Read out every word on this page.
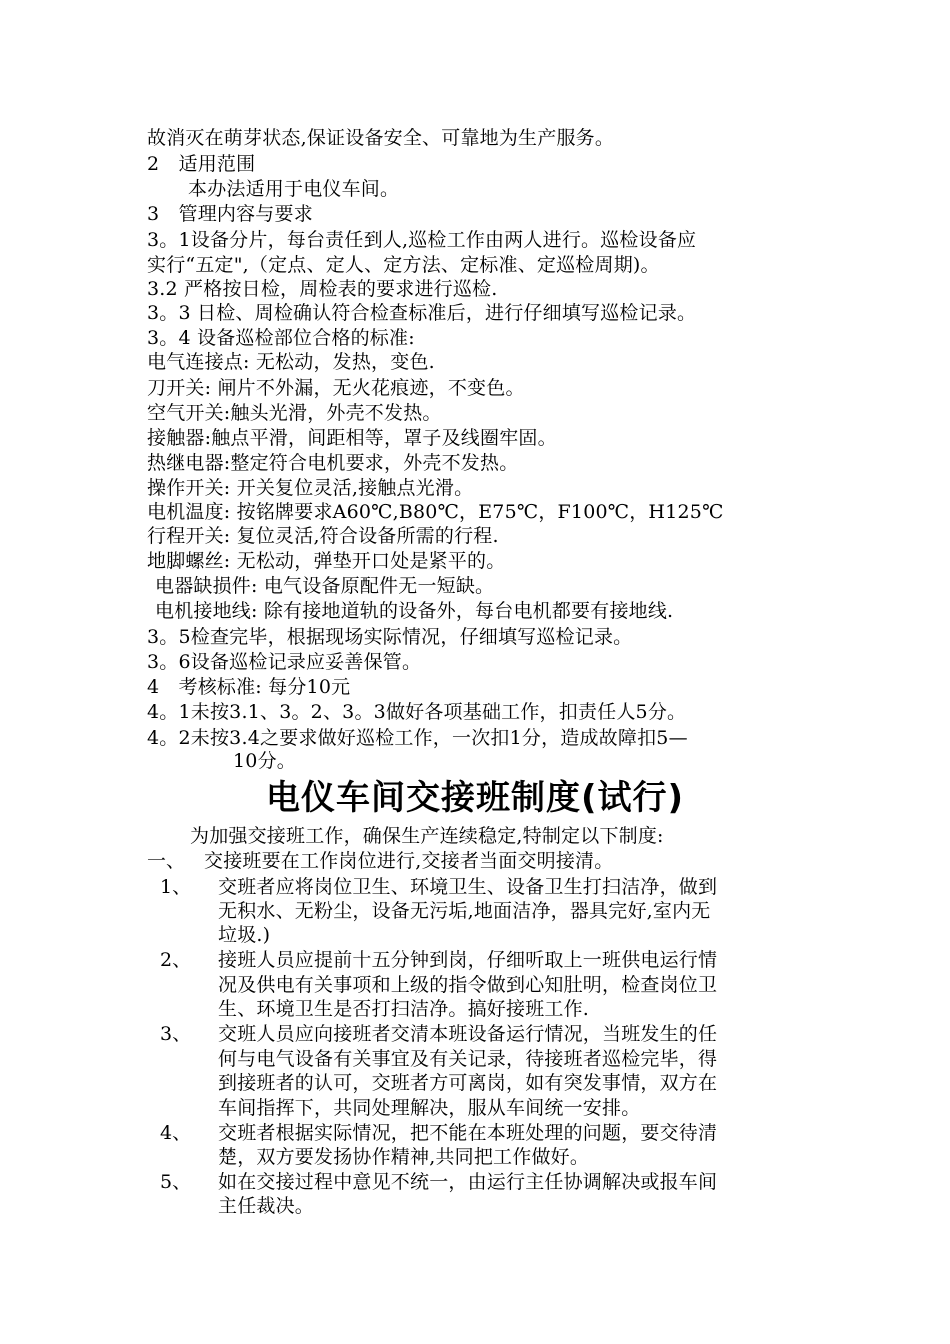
故消灭在萌芽状态,保证设备安全、可靠地为生产服务。
2　适用范围
本办法适用于电仪车间。
3　管理内容与要求
3。1设备分片，每台责任到人,巡检工作由两人进行。巡检设备应
实行“五定",（定点、定人、定方法、定标准、定巡检周期)。
3.2 严格按日检，周检表的要求进行巡检.
3。3 日检、周检确认符合检查标准后，进行仔细填写巡检记录。
3。4 设备巡检部位合格的标准:
电气连接点: 无松动，发热，变色.
刀开关: 闸片不外漏，无火花痕迹，不变色。
空气开关:触头光滑，外壳不发热。
接触器:触点平滑，间距相等，罩子及线圈牢固。
热继电器:整定符合电机要求，外壳不发热。
操作开关: 开关复位灵活,接触点光滑。
电机温度: 按铭牌要求A60℃,B80℃，E75℃，F100℃，H125℃
行程开关: 复位灵活,符合设备所需的行程.
地脚螺丝: 无松动，弹垫开口处是紧平的。
电器缺损件: 电气设备原配件无一短缺。
电机接地线: 除有接地道轨的设备外，每台电机都要有接地线.
3。5检查完毕，根据现场实际情况，仔细填写巡检记录。
3。6设备巡检记录应妥善保管。
4　考核标准: 每分10元
4。1未按3.1、3。2、3。3做好各项基础工作，扣责任人5分。
4。2未按3.4之要求做好巡检工作，一次扣1分，造成故障扣5—
10分。
电仪车间交接班制度(试行)
为加强交接班工作，确保生产连续稳定,特制定以下制度:
一、 交接班要在工作岗位进行,交接者当面交明接清。
1、 交班者应将岗位卫生、环境卫生、设备卫生打扫洁净，做到
无积水、无粉尘，设备无污垢,地面洁净，器具完好,室内无
垃圾.)
2、 接班人员应提前十五分钟到岗，仔细听取上一班供电运行情
况及供电有关事项和上级的指令做到心知肚明，检查岗位卫
生、环境卫生是否打扫洁净。搞好接班工作.
3、 交班人员应向接班者交清本班设备运行情况，当班发生的任
何与电气设备有关事宜及有关记录，待接班者巡检完毕，得
到接班者的认可，交班者方可离岗，如有突发事情，双方在
车间指挥下，共同处理解决，服从车间统一安排。
4、 交班者根据实际情况，把不能在本班处理的问题，要交待清
楚，双方要发扬协作精神,共同把工作做好。
5、 如在交接过程中意见不统一，由运行主任协调解决或报车间
主任裁决。
